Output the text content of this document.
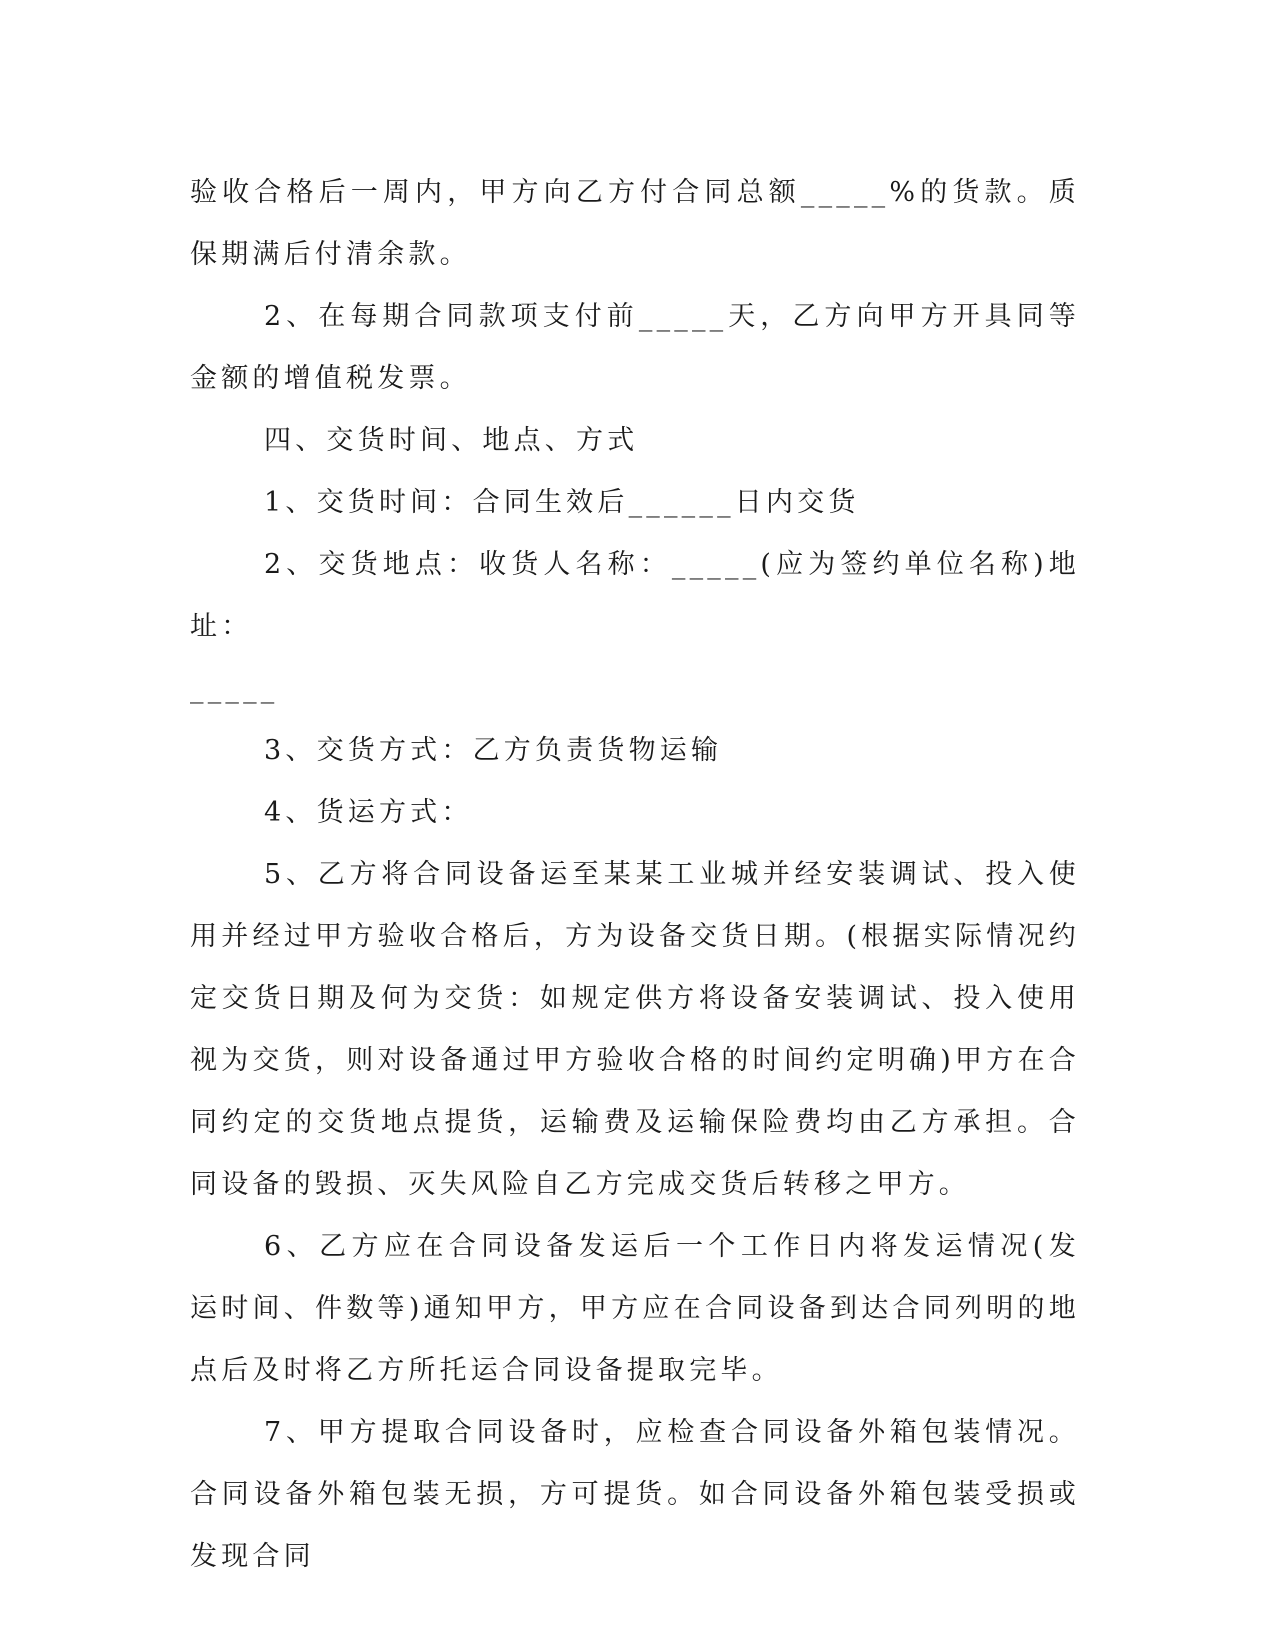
验收合格后一周内，甲方向乙方付合同总额_____%的货款。质保期满后付清余款。

2、在每期合同款项支付前_____天，乙方向甲方开具同等金额的增值税发票。

四、交货时间、地点、方式

1、交货时间：合同生效后______日内交货

2、交货地点：收货人名称：_____(应为签约单位名称)地址：

_____

3、交货方式：乙方负责货物运输

4、货运方式：

5、乙方将合同设备运至某某工业城并经安装调试、投入使用并经过甲方验收合格后，方为设备交货日期。(根据实际情况约定交货日期及何为交货：如规定供方将设备安装调试、投入使用视为交货，则对设备通过甲方验收合格的时间约定明确)甲方在合同约定的交货地点提货，运输费及运输保险费均由乙方承担。合同设备的毁损、灭失风险自乙方完成交货后转移之甲方。

6、乙方应在合同设备发运后一个工作日内将发运情况(发运时间、件数等)通知甲方，甲方应在合同设备到达合同列明的地点后及时将乙方所托运合同设备提取完毕。

7、甲方提取合同设备时，应检查合同设备外箱包装情况。合同设备外箱包装无损，方可提货。如合同设备外箱包装受损或发现合同
